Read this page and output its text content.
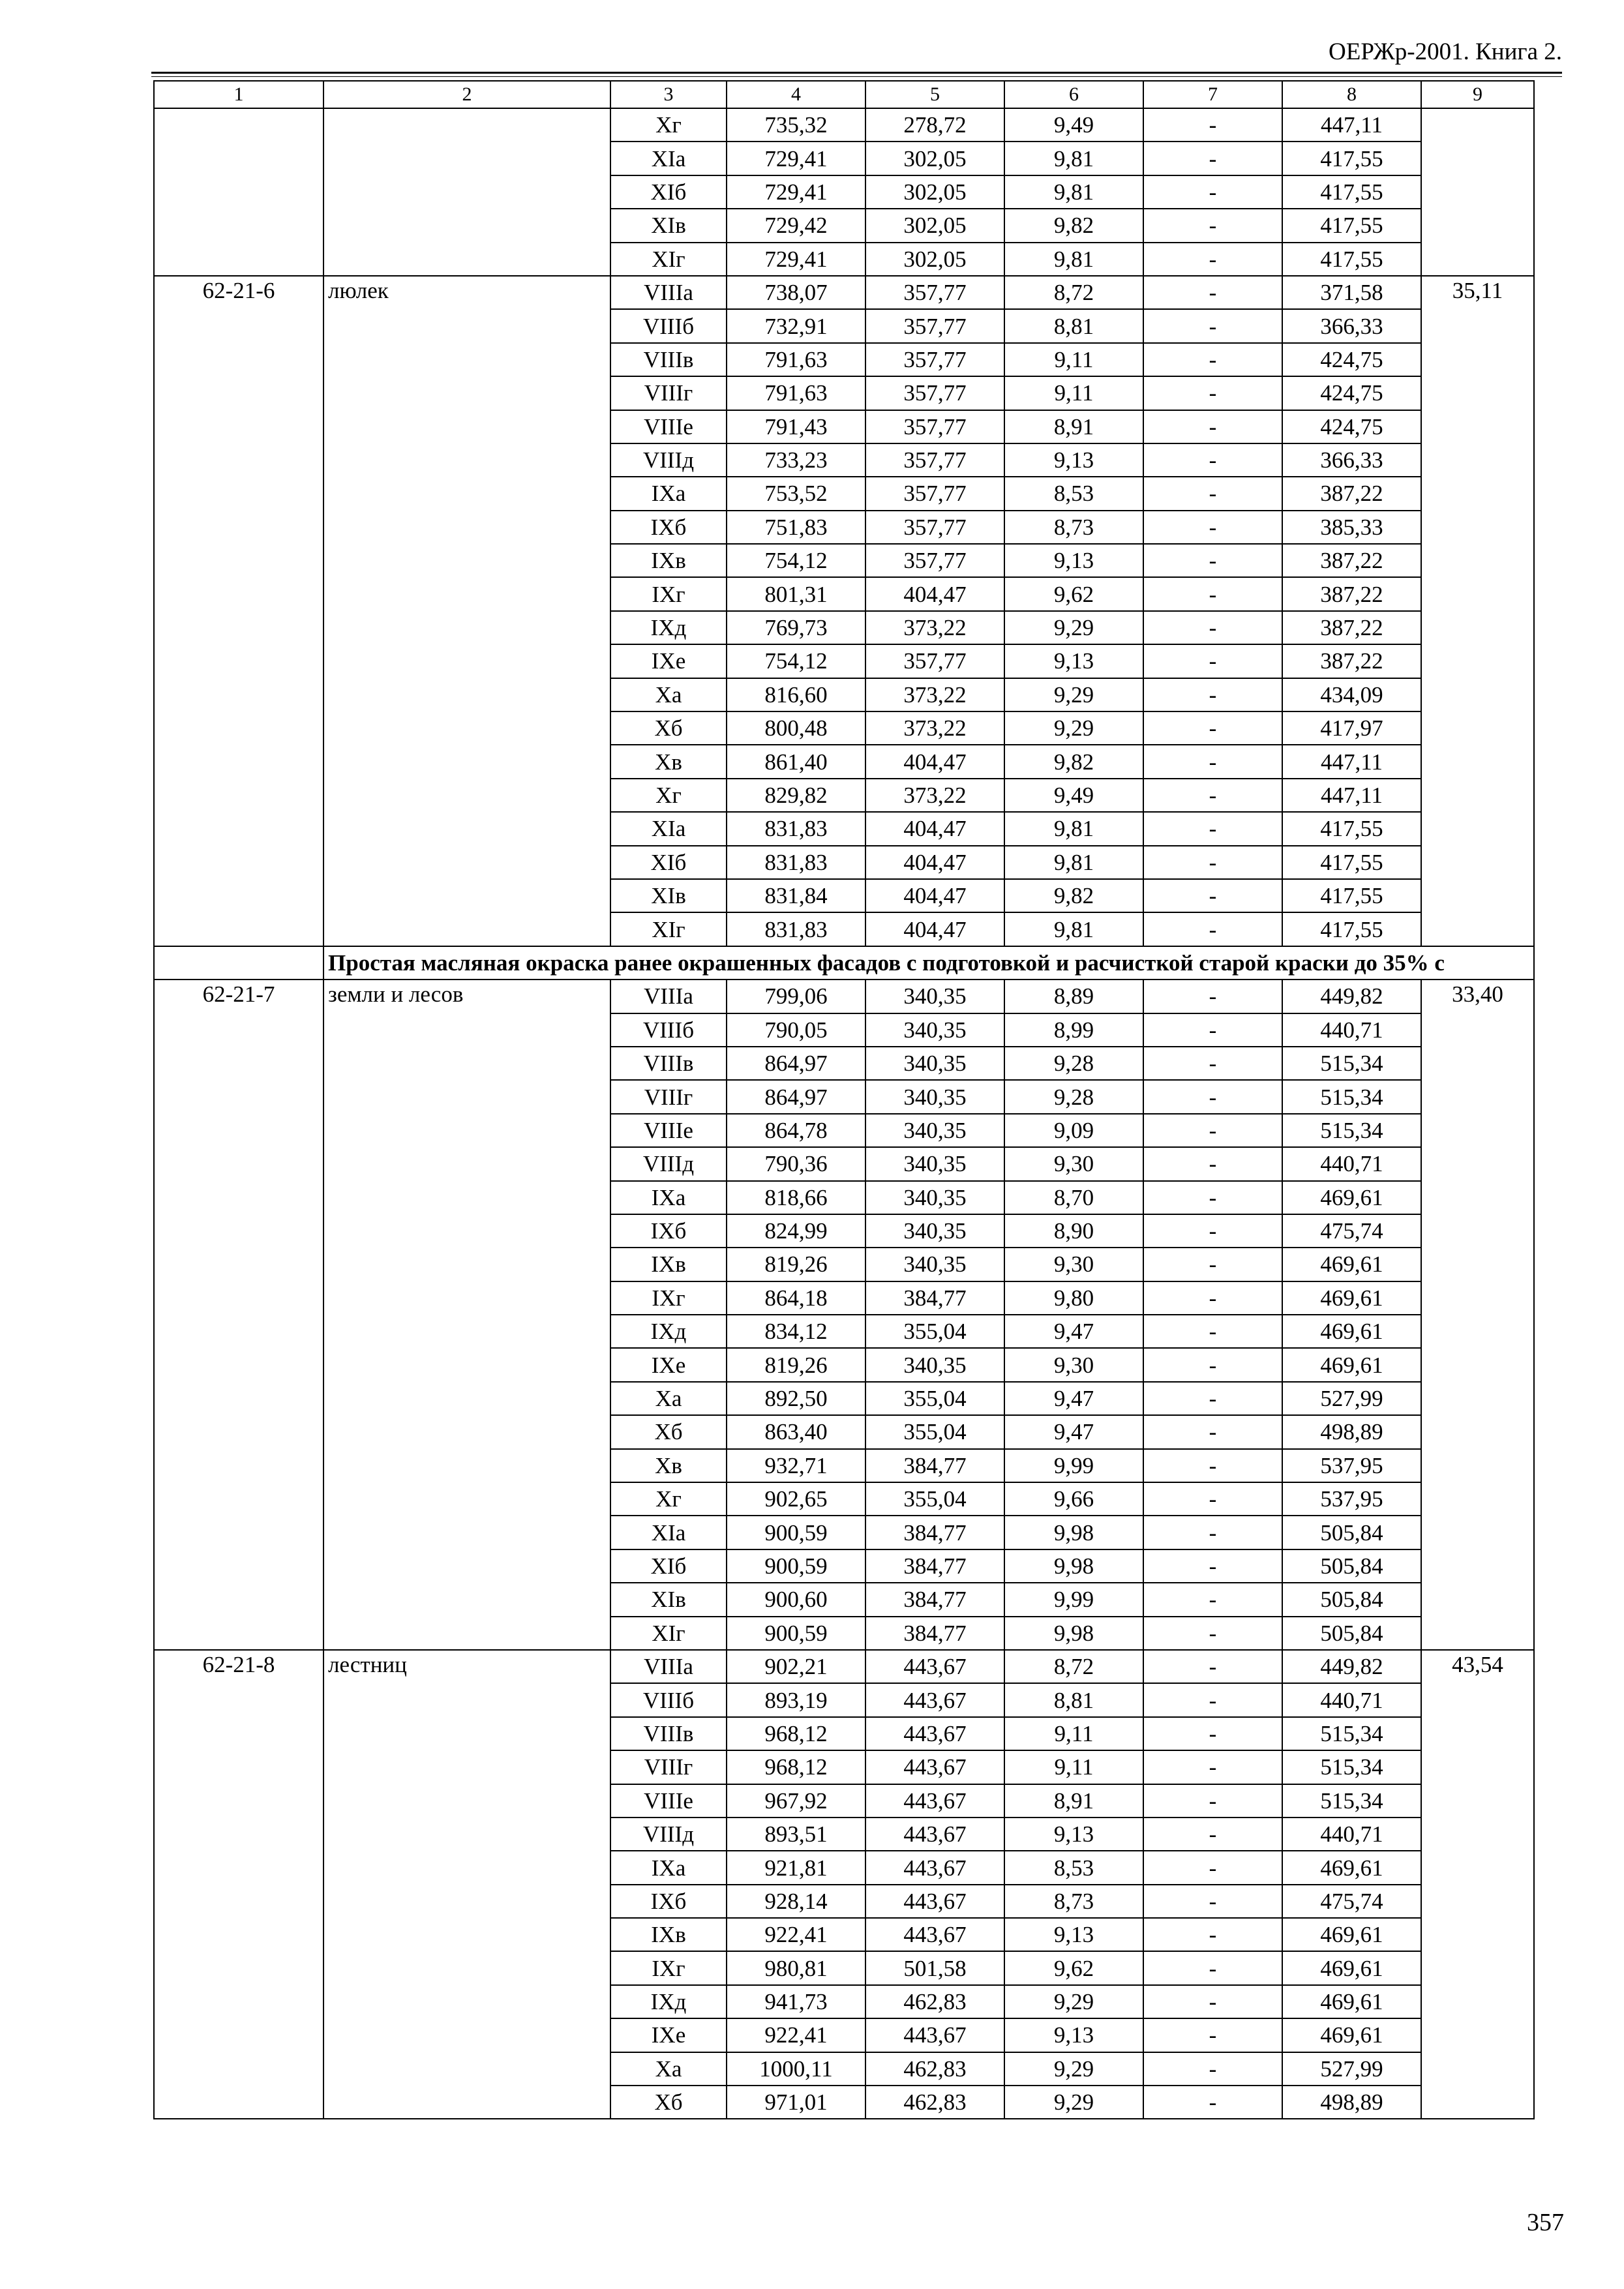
ОЕРЖр-2001. Книга 2.
1	2	3	4	5	6	7	8	9
		Xг	735,32	278,72	9,49	-	447,11	
		XIа	729,41	302,05	9,81	-	417,55	
		XIб	729,41	302,05	9,81	-	417,55	
		XIв	729,42	302,05	9,82	-	417,55	
		XIг	729,41	302,05	9,81	-	417,55	
62-21-6	люлек	VIIIа	738,07	357,77	8,72	-	371,58	35,11
		VIIIб	732,91	357,77	8,81	-	366,33	
		VIIIв	791,63	357,77	9,11	-	424,75	
		VIIIг	791,63	357,77	9,11	-	424,75	
		VIIIе	791,43	357,77	8,91	-	424,75	
		VIIIд	733,23	357,77	9,13	-	366,33	
		IXа	753,52	357,77	8,53	-	387,22	
		IXб	751,83	357,77	8,73	-	385,33	
		IXв	754,12	357,77	9,13	-	387,22	
		IXг	801,31	404,47	9,62	-	387,22	
		IXд	769,73	373,22	9,29	-	387,22	
		IXе	754,12	357,77	9,13	-	387,22	
		Xа	816,60	373,22	9,29	-	434,09	
		Xб	800,48	373,22	9,29	-	417,97	
		Xв	861,40	404,47	9,82	-	447,11	
		Xг	829,82	373,22	9,49	-	447,11	
		XIа	831,83	404,47	9,81	-	417,55	
		XIб	831,83	404,47	9,81	-	417,55	
		XIв	831,84	404,47	9,82	-	417,55	
		XIг	831,83	404,47	9,81	-	417,55	
	Простая масляная окраска ранее окрашенных фасадов с подготовкой и расчисткой старой краски до 35% с							
62-21-7	земли и лесов	VIIIа	799,06	340,35	8,89	-	449,82	33,40
		VIIIб	790,05	340,35	8,99	-	440,71	
		VIIIв	864,97	340,35	9,28	-	515,34	
		VIIIг	864,97	340,35	9,28	-	515,34	
		VIIIе	864,78	340,35	9,09	-	515,34	
		VIIIд	790,36	340,35	9,30	-	440,71	
		IXа	818,66	340,35	8,70	-	469,61	
		IXб	824,99	340,35	8,90	-	475,74	
		IXв	819,26	340,35	9,30	-	469,61	
		IXг	864,18	384,77	9,80	-	469,61	
		IXд	834,12	355,04	9,47	-	469,61	
		IXе	819,26	340,35	9,30	-	469,61	
		Xа	892,50	355,04	9,47	-	527,99	
		Xб	863,40	355,04	9,47	-	498,89	
		Xв	932,71	384,77	9,99	-	537,95	
		Xг	902,65	355,04	9,66	-	537,95	
		XIа	900,59	384,77	9,98	-	505,84	
		XIб	900,59	384,77	9,98	-	505,84	
		XIв	900,60	384,77	9,99	-	505,84	
		XIг	900,59	384,77	9,98	-	505,84	
62-21-8	лестниц	VIIIа	902,21	443,67	8,72	-	449,82	43,54
		VIIIб	893,19	443,67	8,81	-	440,71	
		VIIIв	968,12	443,67	9,11	-	515,34	
		VIIIг	968,12	443,67	9,11	-	515,34	
		VIIIе	967,92	443,67	8,91	-	515,34	
		VIIIд	893,51	443,67	9,13	-	440,71	
		IXа	921,81	443,67	8,53	-	469,61	
		IXб	928,14	443,67	8,73	-	475,74	
		IXв	922,41	443,67	9,13	-	469,61	
		IXг	980,81	501,58	9,62	-	469,61	
		IXд	941,73	462,83	9,29	-	469,61	
		IXе	922,41	443,67	9,13	-	469,61	
		Xа	1000,11	462,83	9,29	-	527,99	
		Xб	971,01	462,83	9,29	-	498,89	
357
